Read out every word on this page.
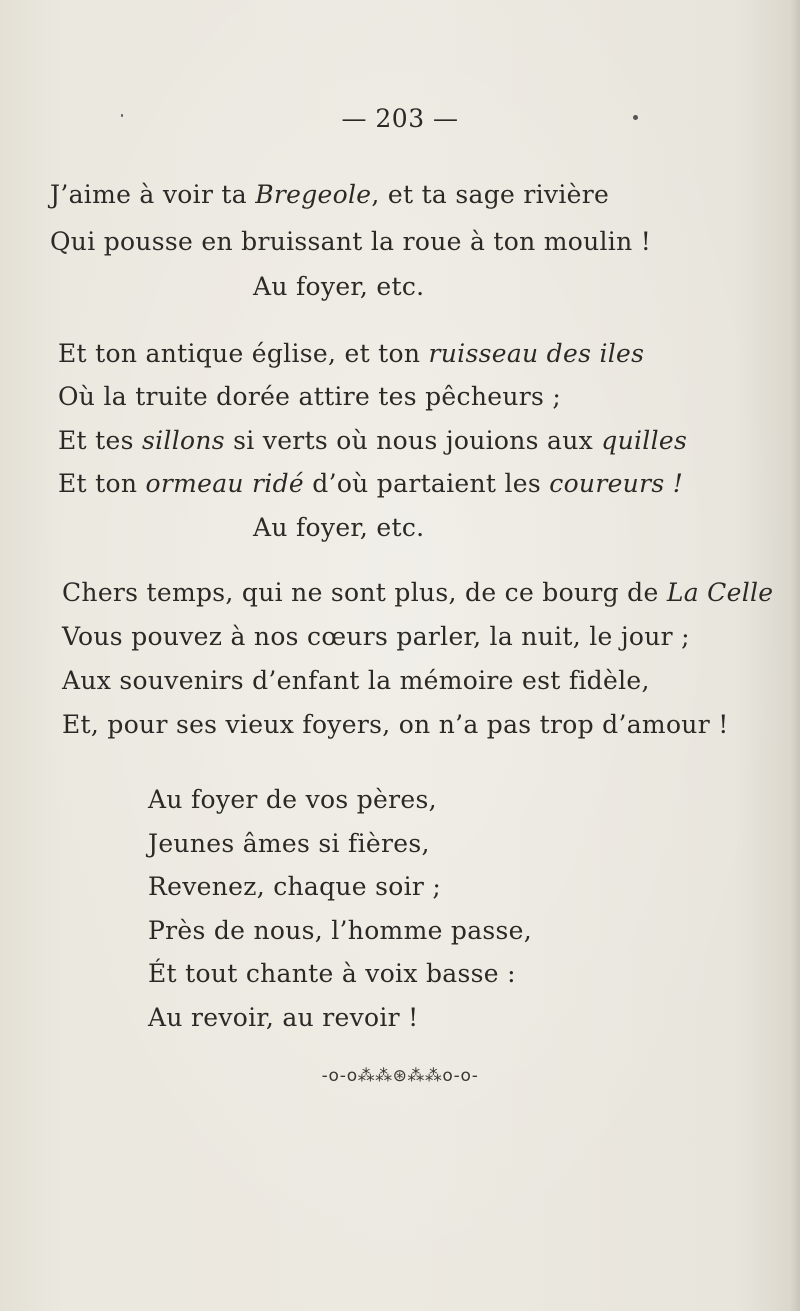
— 203 —
J’aime à voir ta Bregeole, et ta sage rivière
Qui pousse en bruissant la roue à ton moulin !
Au foyer, etc.
Et ton antique église, et ton ruisseau des iles
Où la truite dorée attire tes pêcheurs ;
Et tes sillons si verts où nous jouions aux quilles
Et ton ormeau ridé d’où partaient les coureurs !
Au foyer, etc.
Chers temps, qui ne sont plus, de ce bourg de La Celle
Vous pouvez à nos cœurs parler, la nuit, le jour ;
Aux souvenirs d’enfant la mémoire est fidèle,
Et, pour ses vieux foyers, on n’a pas trop d’amour !
Au foyer de vos pères,
Jeunes âmes si fières,
Revenez, chaque soir ;
Près de nous, l’homme passe,
Ét tout chante à voix basse :
Au revoir, au revoir !
-o-o⁂⁂⊛⁂⁂o-o-
